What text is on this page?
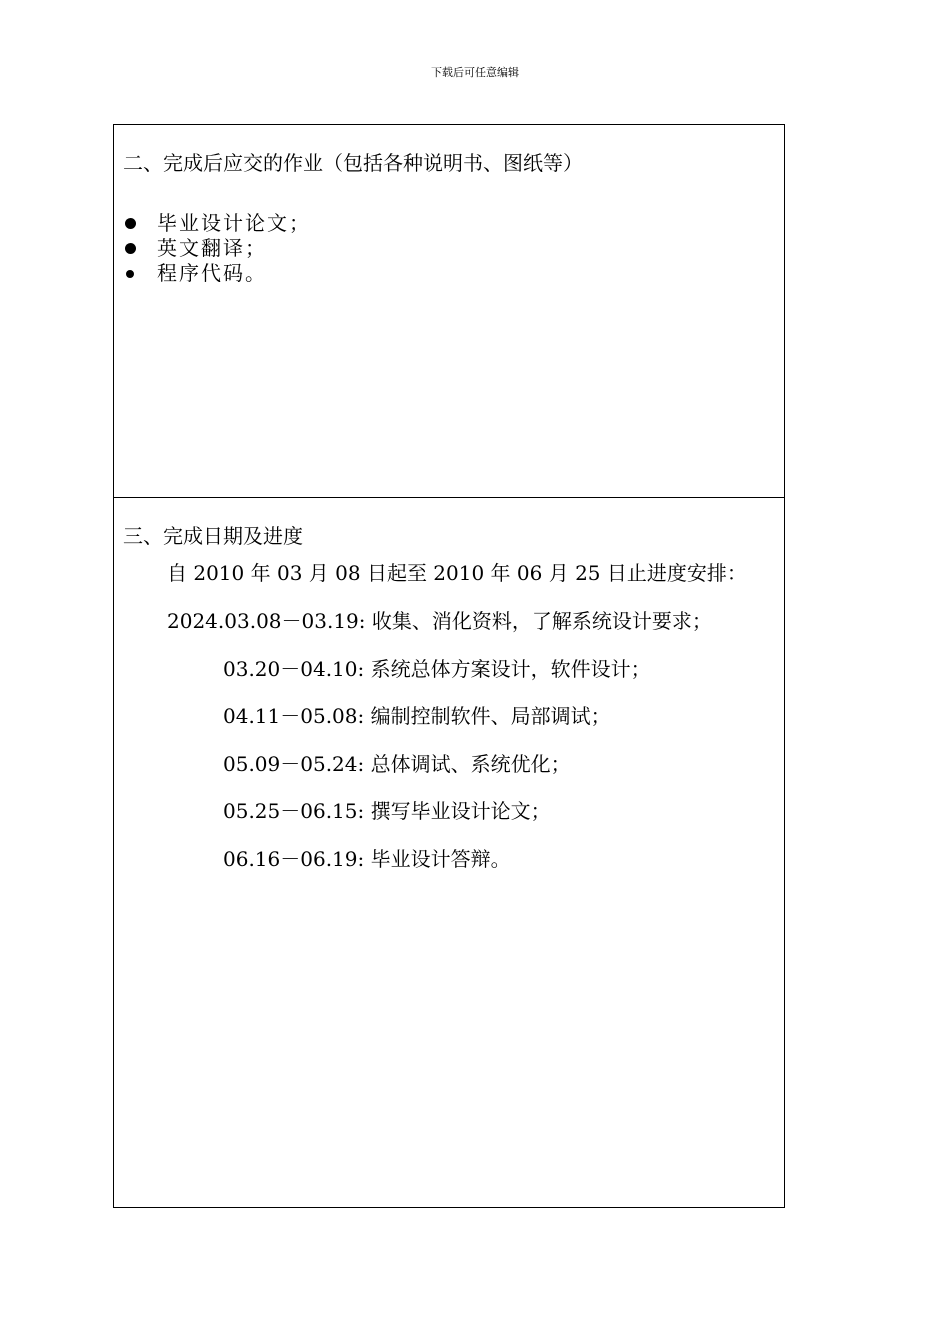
下载后可任意编辑
二、完成后应交的作业（包括各种说明书、图纸等）
毕业设计论文；
英文翻译；
程序代码。
三、完成日期及进度
自 2010 年 03 月 08 日起至 2010 年 06 月 25 日止进度安排：
2024.03.08－03.19: 收集、消化资料，了解系统设计要求；
03.20－04.10: 系统总体方案设计，软件设计；
04.11－05.08: 编制控制软件、局部调试；
05.09－05.24: 总体调试、系统优化；
05.25－06.15: 撰写毕业设计论文；
06.16－06.19: 毕业设计答辩。
